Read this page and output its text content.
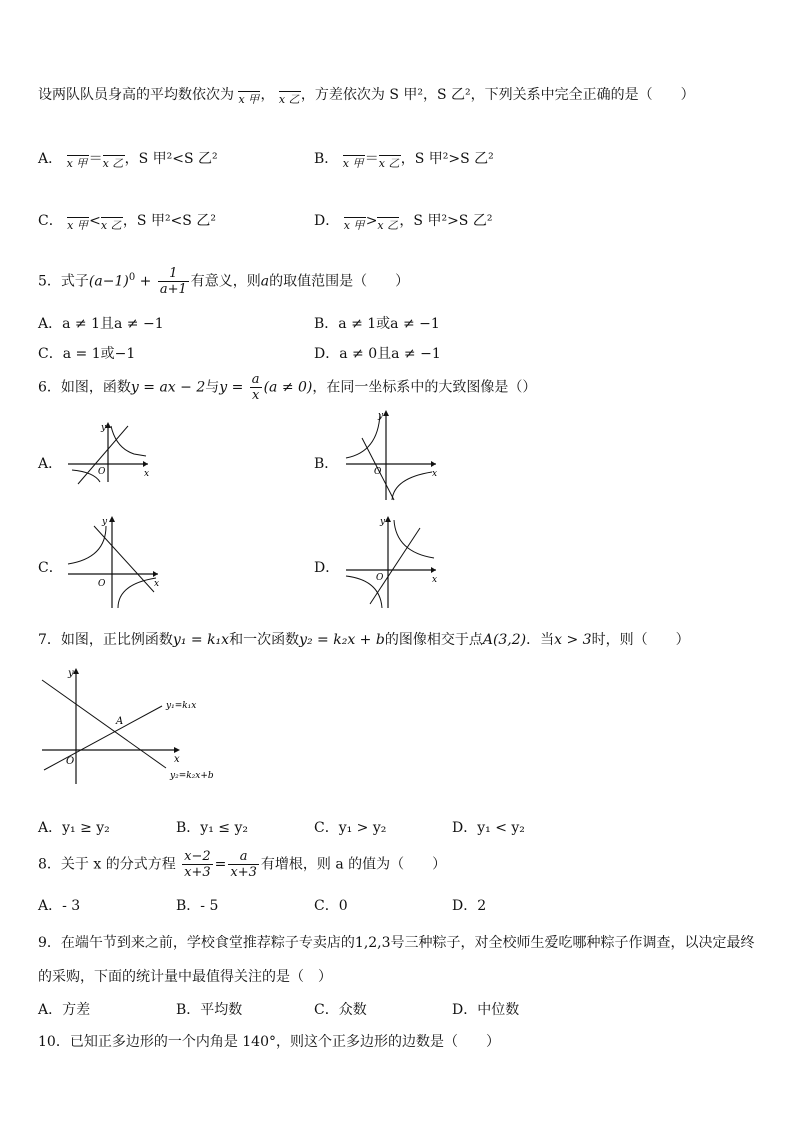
设两队队员身高的平均数依次为 x 甲 ， x 乙 ，方差依次为 S 甲²，S 乙²，下列关系中完全正确的是（　　）
A． x 甲 ＝ x 乙 ，S 甲²<S 乙²	B． x 甲 ＝ x 乙 ，S 甲²>S 乙²
C． x 甲 < x 乙 ，S 甲²<S 乙²	D． x 甲 > x 乙 ，S 甲²>S 乙²
5．式子$(a-1)^0 + \frac{1}{a+1}$ 有意义，则a的取值范围是（　　）
A．a ≠ 1且a ≠ −1	B．a ≠ 1或a ≠ −1
C．a = 1或−1	D．a ≠ 0且a ≠ −1
6．如图，函数y = ax − 2与$y = \frac{a}{x} (a \ne 0)$，在同一坐标系中的大致图像是（）
A．
y
x
O	B．
y
x
O
C．
y
x
O
D．
y
x
O
7．如图，正比例函数y₁ = k₁x和一次函数y₂ = k₂x + b的图像相交于点A(3,2)．当x > 3时，则（　　）
y
x
O
A
y₁=k₁x
y₂=k₂x+b
A．y₁ ≥ y₂	B．y₁ ≤ y₂	C．y₁ > y₂	D．y₁ < y₂
8．关于 x 的分式方程 $\frac{x-2}{x+3} = \frac{a}{x+3}$ 有增根，则 a 的值为（　　）
A．- 3	B．- 5	C．0	D．2
9．在端午节到来之前，学校食堂推荐粽子专卖店的1,2,3号三种粽子，对全校师生爱吃哪种粽子作调查，以决定最终
的采购，下面的统计量中最值得关注的是（　）
A．方差	B．平均数	C．众数	D．中位数
10．已知正多边形的一个内角是 140°，则这个正多边形的边数是（　　）
